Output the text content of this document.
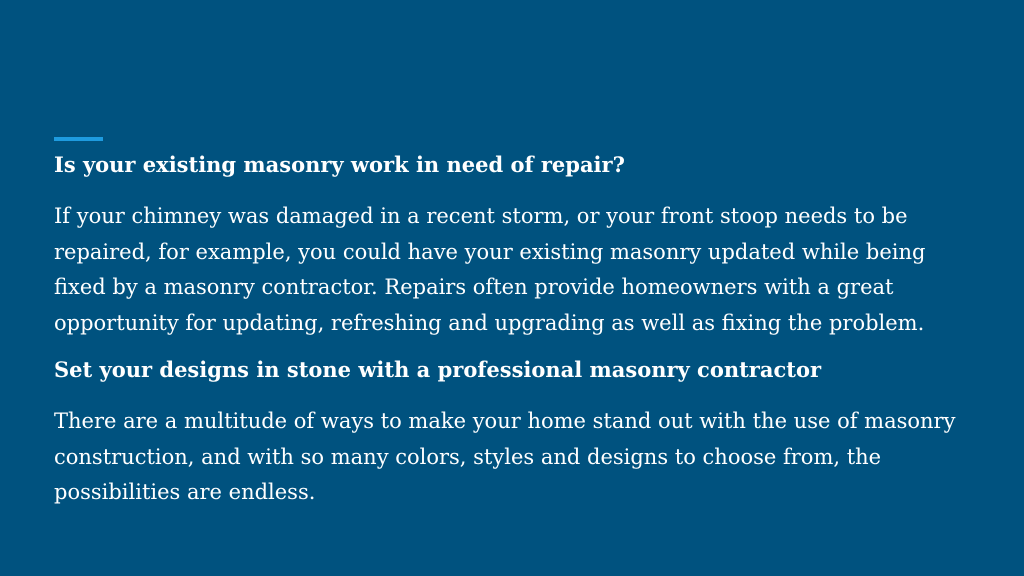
Is your existing masonry work in need of repair?

If your chimney was damaged in a recent storm, or your front stoop needs to be repaired, for example, you could have your existing masonry updated while being fixed by a masonry contractor. Repairs often provide homeowners with a great opportunity for updating, refreshing and upgrading as well as fixing the problem.

Set your designs in stone with a professional masonry contractor

There are a multitude of ways to make your home stand out with the use of masonry construction, and with so many colors, styles and designs to choose from, the possibilities are endless.
